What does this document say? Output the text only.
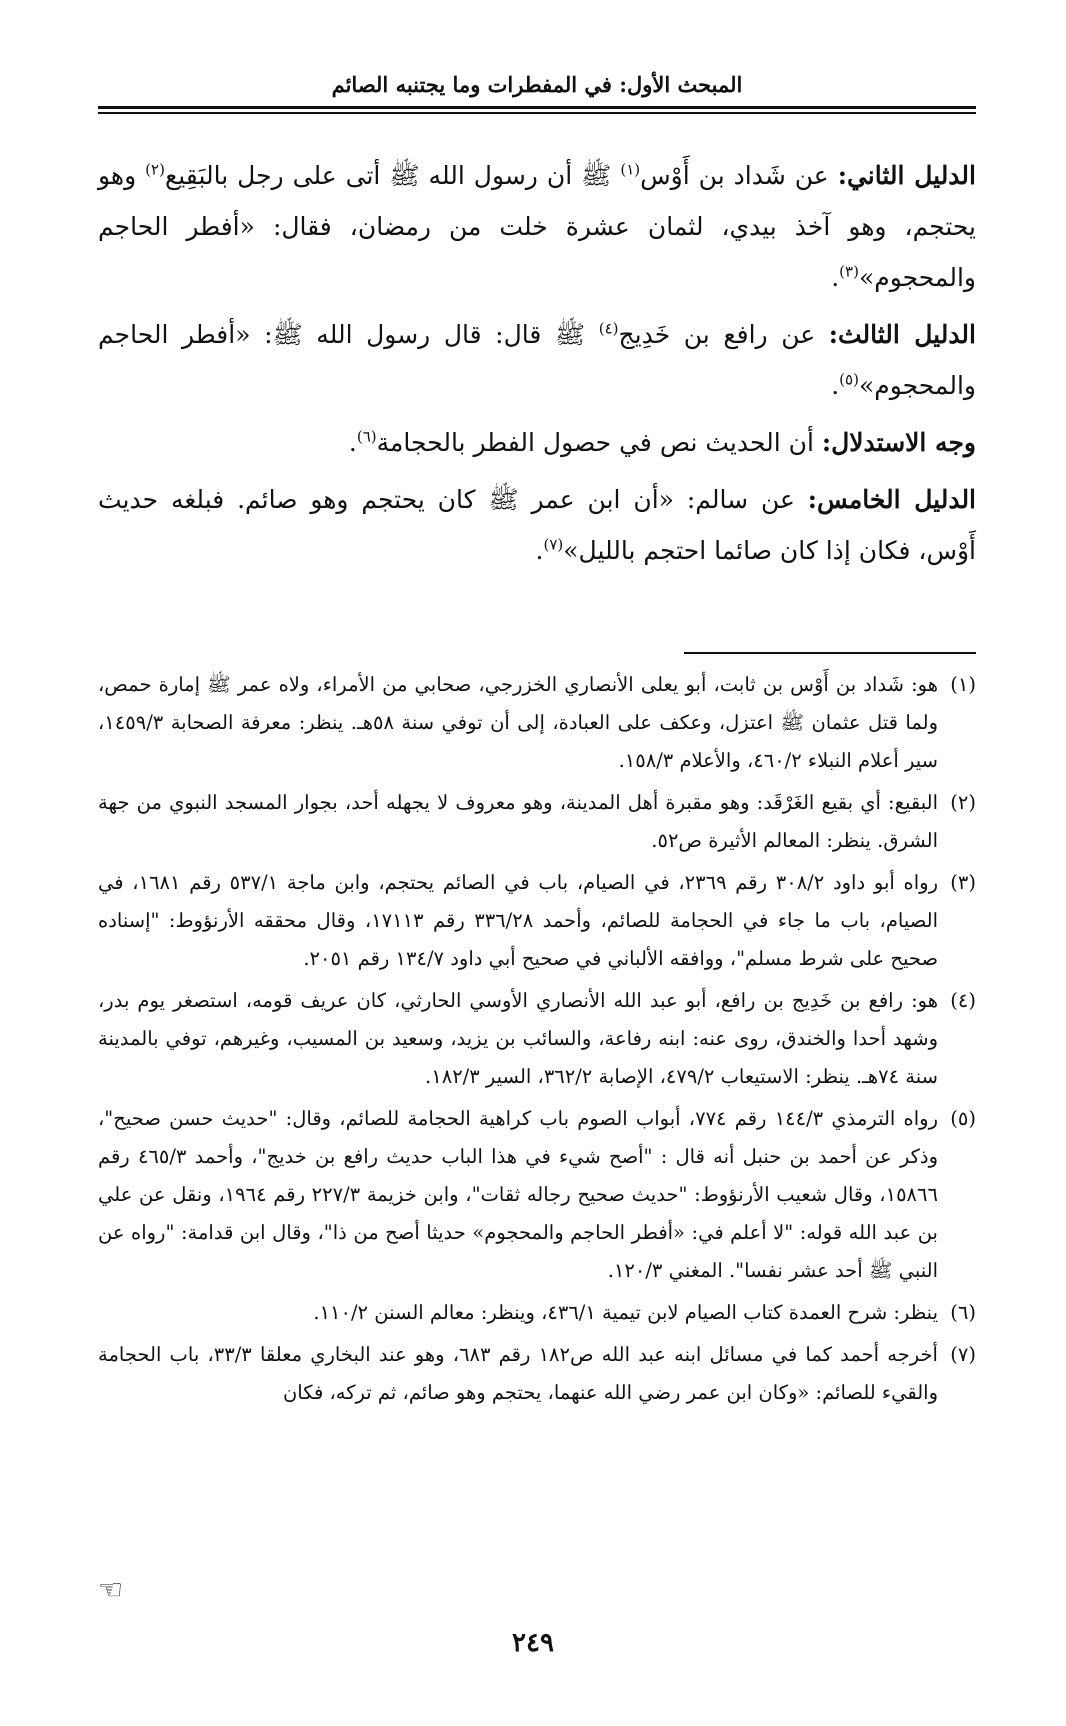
المبحث الأول: في المفطرات وما يجتنبه الصائم

الدليل الثاني: عن شَداد بن أَوْس$^{(١)}$ ﷺ أن رسول الله ﷺ أتى على رجل بالبَقِيع$^{(٢)}$ وهو يحتجم، وهو آخذ بيدي، لثمان عشرة خلت من رمضان، فقال: «أفطر الحاجم والمحجوم»$^{(٣)}$.

الدليل الثالث: عن رافع بن خَدِيج$^{(٤)}$ ﷺ قال: قال رسول الله ﷺ: «أفطر الحاجم والمحجوم»$^{(٥)}$.

وجه الاستدلال: أن الحديث نص في حصول الفطر بالحجامة$^{(٦)}$.

الدليل الخامس: عن سالم: «أن ابن عمر ﷺ كان يحتجم وهو صائم. فبلغه حديث أَوْس، فكان إذا كان صائما احتجم بالليل»$^{(٧)}$.

(١)
هو: شَداد بن أَوْس بن ثابت، أبو يعلى الأنصاري الخزرجي، صحابي من الأمراء، ولاه عمر ﷺ إمارة حمص، ولما قتل عثمان ﷺ اعتزل، وعكف على العبادة، إلى أن توفي سنة ٥٨هـ. ينظر: معرفة الصحابة ١٤٥٩/٣، سير أعلام النبلاء ٤٦٠/٢، والأعلام ١٥٨/٣.

(٢)
البقيع: أي بقيع الغَرْقَد: وهو مقبرة أهل المدينة، وهو معروف لا يجهله أحد، بجوار المسجد النبوي من جهة الشرق. ينظر: المعالم الأثيرة ص٥٢.

(٣)
رواه أبو داود ٣٠٨/٢ رقم ٢٣٦٩، في الصيام، باب في الصائم يحتجم، وابن ماجة ٥٣٧/١ رقم ١٦٨١، في الصيام، باب ما جاء في الحجامة للصائم، وأحمد ٣٣٦/٢٨ رقم ١٧١١٣، وقال محققه الأرنؤوط: "إسناده صحيح على شرط مسلم"، ووافقه الألباني في صحيح أبي داود ١٣٤/٧ رقم ٢٠٥١.

(٤)
هو: رافع بن خَدِيج بن رافع، أبو عبد الله الأنصاري الأوسي الحارثي، كان عريف قومه، استصغر يوم بدر، وشهد أحدا والخندق، روى عنه: ابنه رفاعة، والسائب بن يزيد، وسعيد بن المسيب، وغيرهم، توفي بالمدينة سنة ٧٤هـ. ينظر: الاستيعاب ٤٧٩/٢، الإصابة ٣٦٢/٢، السير ١٨٢/٣.

(٥)
رواه الترمذي ١٤٤/٣ رقم ٧٧٤، أبواب الصوم باب كراهية الحجامة للصائم، وقال: "حديث حسن صحيح"، وذكر عن أحمد بن حنبل أنه قال : "أصح شيء في هذا الباب حديث رافع بن خديج"، وأحمد ٤٦٥/٣ رقم ١٥٨٦٦، وقال شعيب الأرنؤوط: "حديث صحيح رجاله ثقات"، وابن خزيمة ٢٢٧/٣ رقم ١٩٦٤، ونقل عن علي بن عبد الله قوله: "لا أعلم في: «أفطر الحاجم والمحجوم» حديثا أصح من ذا"، وقال ابن قدامة: "رواه عن النبي ﷺ أحد عشر نفسا". المغني ١٢٠/٣.

(٦)
ينظر: شرح العمدة كتاب الصيام لابن تيمية ٤٣٦/١، وينظر: معالم السنن ١١٠/٢.

(٧)
أخرجه أحمد كما في مسائل ابنه عبد الله ص١٨٢ رقم ٦٨٣، وهو عند البخاري معلقا ٣٣/٣، باب الحجامة والقيء للصائم: «وكان ابن عمر رضي الله عنهما، يحتجم وهو صائم، ثم تركه، فكان

☜
٢٤٩
